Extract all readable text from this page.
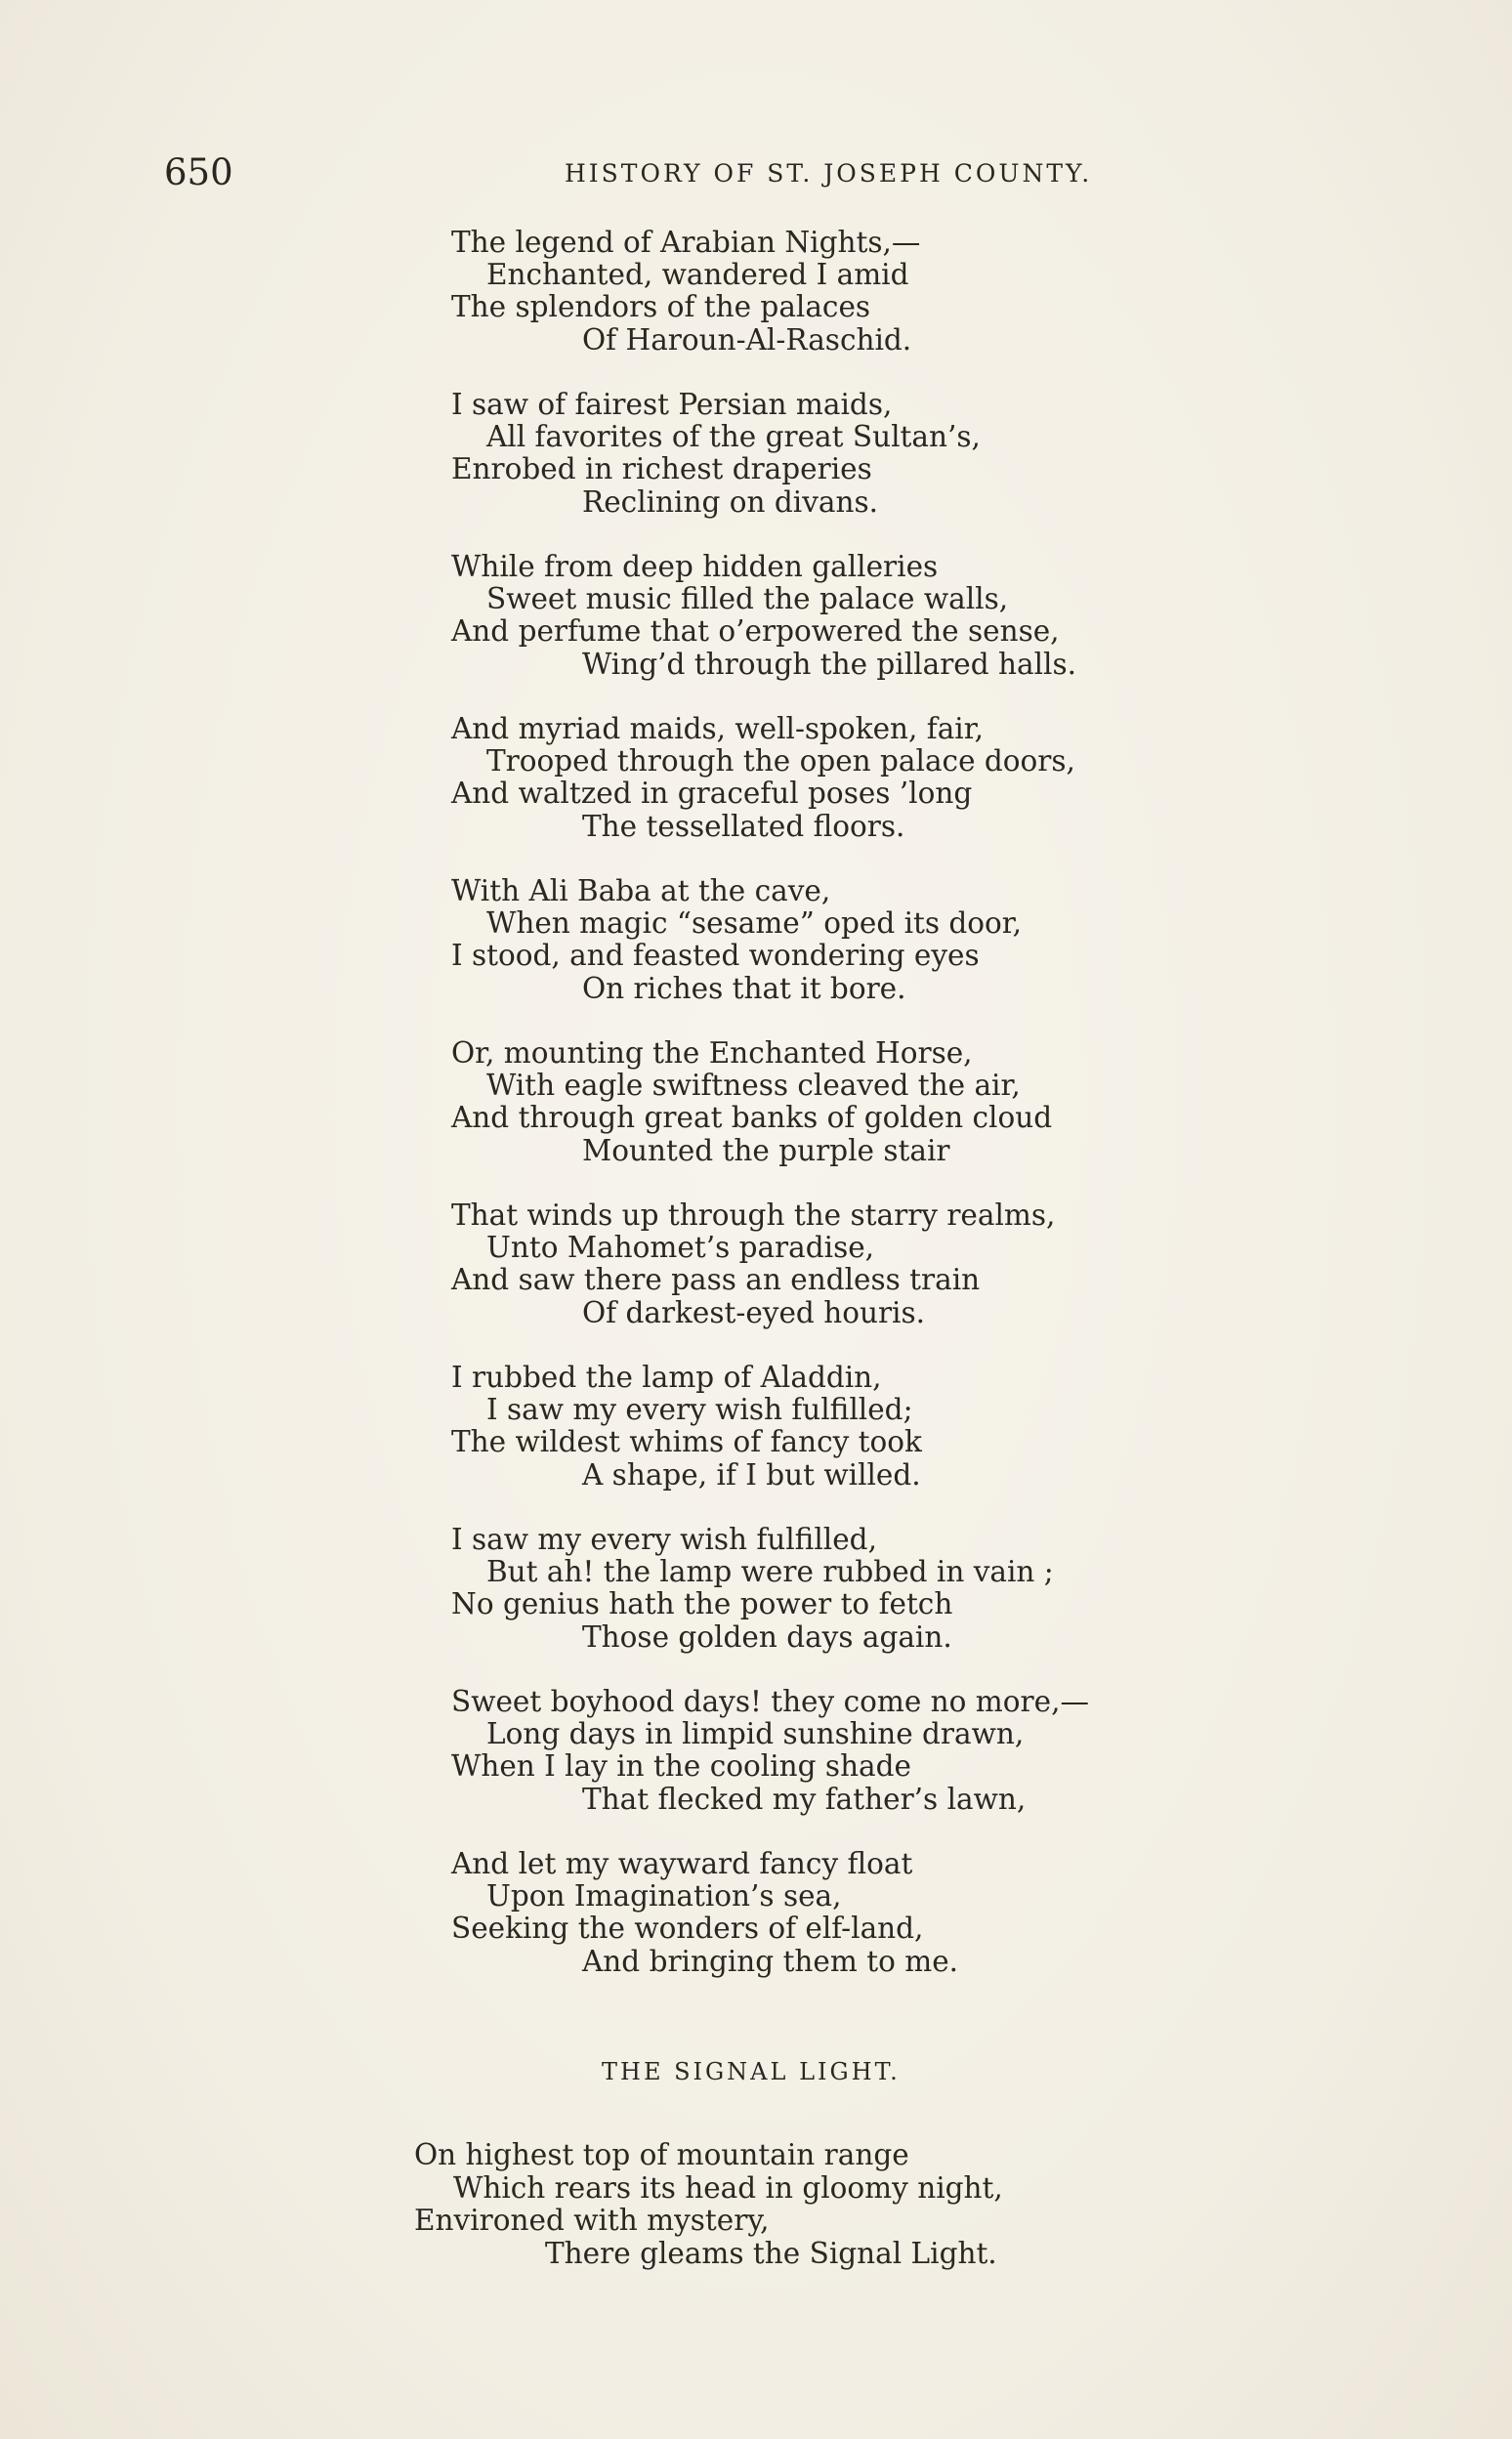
650	HISTORY OF ST. JOSEPH COUNTY.
The legend of Arabian Nights,—
Enchanted, wandered I amid
The splendors of the palaces
Of Haroun-Al-Raschid.
I saw of fairest Persian maids,
All favorites of the great Sultan’s,
Enrobed in richest draperies
Reclining on divans.
While from deep hidden galleries
Sweet music filled the palace walls,
And perfume that o’erpowered the sense,
Wing’d through the pillared halls.
And myriad maids, well-spoken, fair,
Trooped through the open palace doors,
And waltzed in graceful poses ’long
The tessellated floors.
With Ali Baba at the cave,
When magic “sesame” oped its door,
I stood, and feasted wondering eyes
On riches that it bore.
Or, mounting the Enchanted Horse,
With eagle swiftness cleaved the air,
And through great banks of golden cloud
Mounted the purple stair
That winds up through the starry realms,
Unto Mahomet’s paradise,
And saw there pass an endless train
Of darkest-eyed houris.
I rubbed the lamp of Aladdin,
I saw my every wish fulfilled;
The wildest whims of fancy took
A shape, if I but willed.
I saw my every wish fulfilled,
But ah! the lamp were rubbed in vain ;
No genius hath the power to fetch
Those golden days again.
Sweet boyhood days! they come no more,—
Long days in limpid sunshine drawn,
When I lay in the cooling shade
That flecked my father’s lawn,
And let my wayward fancy float
Upon Imagination’s sea,
Seeking the wonders of elf-land,
And bringing them to me.
THE SIGNAL LIGHT.
On highest top of mountain range
Which rears its head in gloomy night,
Environed with mystery,
There gleams the Signal Light.
